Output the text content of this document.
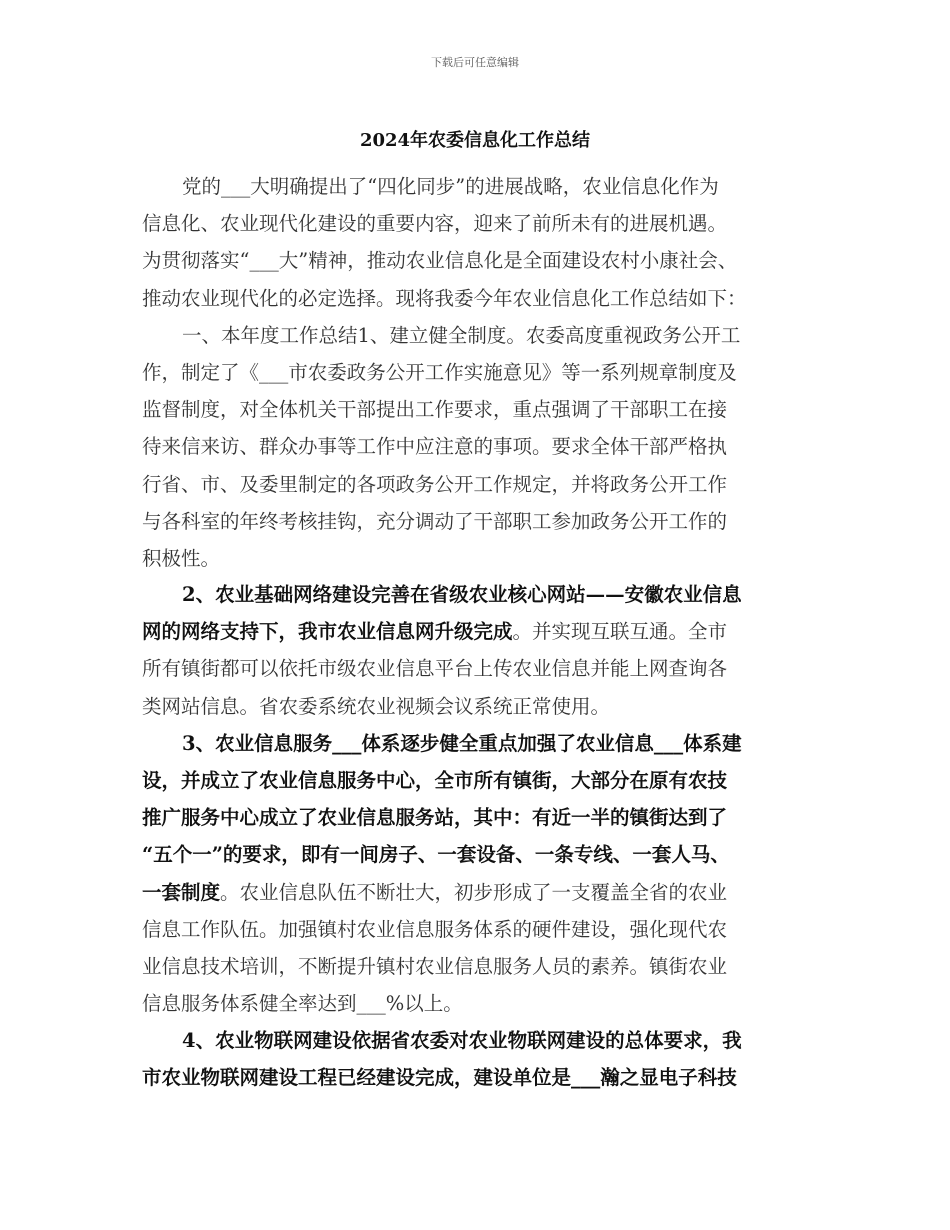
下载后可任意编辑
2024年农委信息化工作总结
党的___大明确提出了“四化同步”的进展战略，农业信息化作为
信息化、农业现代化建设的重要内容，迎来了前所未有的进展机遇。
为贯彻落实“___大”精神，推动农业信息化是全面建设农村小康社会、
推动农业现代化的必定选择。现将我委今年农业信息化工作总结如下：
一、本年度工作总结1、建立健全制度。农委高度重视政务公开工
作，制定了《___市农委政务公开工作实施意见》等一系列规章制度及
监督制度，对全体机关干部提出工作要求，重点强调了干部职工在接
待来信来访、群众办事等工作中应注意的事项。要求全体干部严格执
行省、市、及委里制定的各项政务公开工作规定，并将政务公开工作
与各科室的年终考核挂钩，充分调动了干部职工参加政务公开工作的
积极性。
2、农业基础网络建设完善在省级农业核心网站——安徽农业信息
网的网络支持下，我市农业信息网升级完成。并实现互联互通。全市
所有镇街都可以依托市级农业信息平台上传农业信息并能上网查询各
类网站信息。省农委系统农业视频会议系统正常使用。
3、农业信息服务___体系逐步健全重点加强了农业信息___体系建
设，并成立了农业信息服务中心，全市所有镇街，大部分在原有农技
推广服务中心成立了农业信息服务站，其中：有近一半的镇街达到了
“五个一”的要求，即有一间房子、一套设备、一条专线、一套人马、
一套制度。农业信息队伍不断壮大，初步形成了一支覆盖全省的农业
信息工作队伍。加强镇村农业信息服务体系的硬件建设，强化现代农
业信息技术培训，不断提升镇村农业信息服务人员的素养。镇街农业
信息服务体系健全率达到___%以上。
4、农业物联网建设依据省农委对农业物联网建设的总体要求，我
市农业物联网建设工程已经建设完成，建设单位是___瀚之显电子科技
